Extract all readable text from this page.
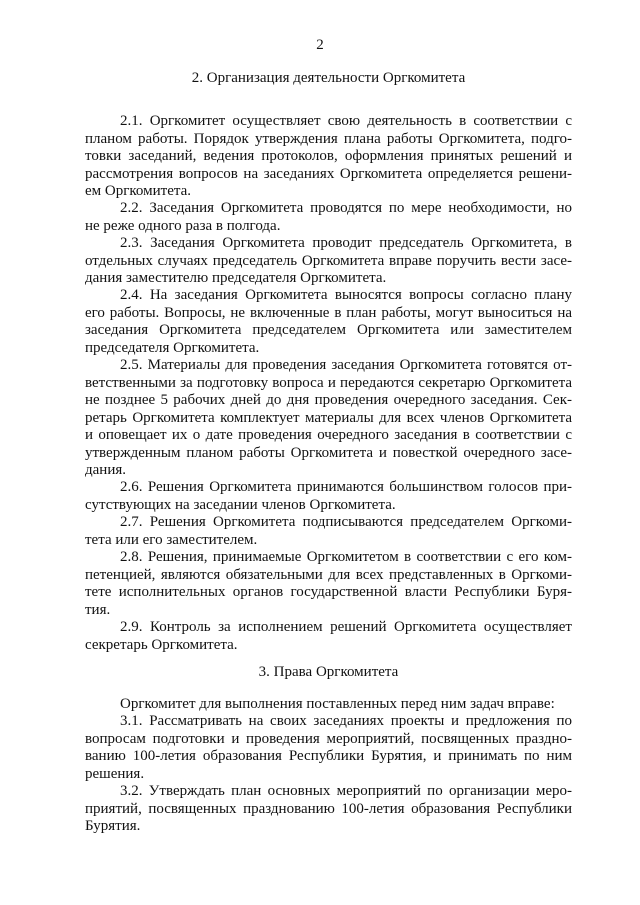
2
2. Организация деятельности Оргкомитета
2.1. Оргкомитет осуществляет свою деятельность в соответствии с
планом работы. Порядок утверждения плана работы Оргкомитета, подго-
товки заседаний, ведения протоколов, оформления принятых решений и
рассмотрения вопросов на заседаниях Оргкомитета определяется решени-
ем Оргкомитета.
2.2. Заседания Оргкомитета проводятся по мере необходимости, но
не реже одного раза в полгода.
2.3. Заседания Оргкомитета проводит председатель Оргкомитета, в
отдельных случаях председатель Оргкомитета вправе поручить вести засе-
дания заместителю председателя Оргкомитета.
2.4. На заседания Оргкомитета выносятся вопросы согласно плану
его работы. Вопросы, не включенные в план работы, могут выноситься на
заседания Оргкомитета председателем Оргкомитета или заместителем
председателя Оргкомитета.
2.5. Материалы для проведения заседания Оргкомитета готовятся от-
ветственными за подготовку вопроса и передаются секретарю Оргкомитета
не позднее 5 рабочих дней до дня проведения очередного заседания. Сек-
ретарь Оргкомитета комплектует материалы для всех членов Оргкомитета
и оповещает их о дате проведения очередного заседания в соответствии с
утвержденным планом работы Оргкомитета и повесткой очередного засе-
дания.
2.6. Решения Оргкомитета принимаются большинством голосов при-
сутствующих на заседании членов Оргкомитета.
2.7. Решения Оргкомитета подписываются председателем Оргкоми-
тета или его заместителем.
2.8. Решения, принимаемые Оргкомитетом в соответствии с его ком-
петенцией, являются обязательными для всех представленных в Оргкоми-
тете исполнительных органов государственной власти Республики Буря-
тия.
2.9. Контроль за исполнением решений Оргкомитета осуществляет
секретарь Оргкомитета.
3. Права Оргкомитета
Оргкомитет для выполнения поставленных перед ним задач вправе:
3.1. Рассматривать на своих заседаниях проекты и предложения по
вопросам подготовки и проведения мероприятий, посвященных праздно-
ванию 100-летия образования Республики Бурятия, и принимать по ним
решения.
3.2. Утверждать план основных мероприятий по организации меро-
приятий, посвященных празднованию 100-летия образования Республики
Бурятия.
